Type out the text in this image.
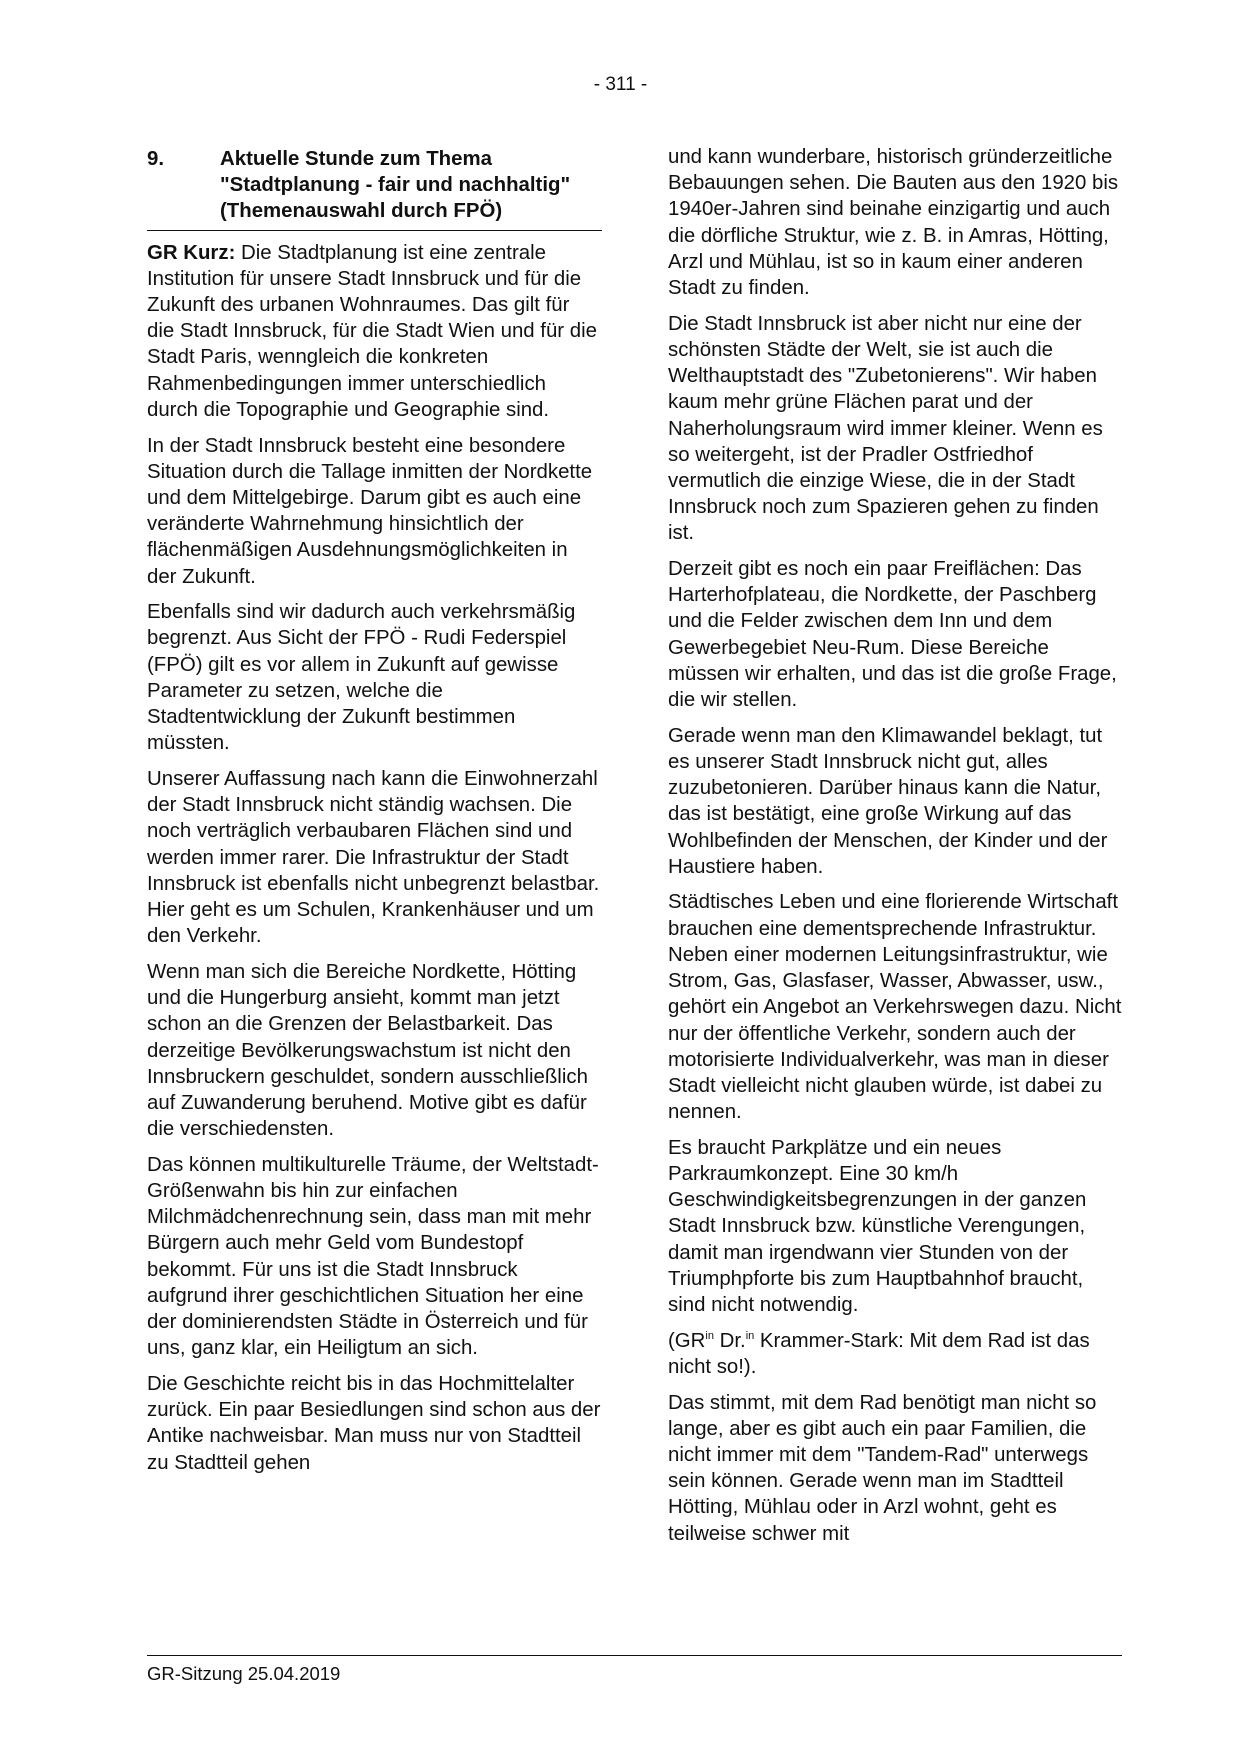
- 311 -
9.	Aktuelle Stunde zum Thema "Stadtplanung - fair und nachhaltig" (Themenauswahl durch FPÖ)

GR Kurz: Die Stadtplanung ist eine zentrale Institution für unsere Stadt Innsbruck und für die Zukunft des urbanen Wohnraumes. Das gilt für die Stadt Innsbruck, für die Stadt Wien und für die Stadt Paris, wenngleich die konkreten Rahmenbedingungen immer unterschiedlich durch die Topographie und Geographie sind.

In der Stadt Innsbruck besteht eine besondere Situation durch die Tallage inmitten der Nordkette und dem Mittelgebirge. Darum gibt es auch eine veränderte Wahrnehmung hinsichtlich der flächenmäßigen Ausdehnungsmöglichkeiten in der Zukunft.

Ebenfalls sind wir dadurch auch verkehrsmäßig begrenzt. Aus Sicht der FPÖ - Rudi Federspiel (FPÖ) gilt es vor allem in Zukunft auf gewisse Parameter zu setzen, welche die Stadtentwicklung der Zukunft bestimmen müssten.

Unserer Auffassung nach kann die Einwohnerzahl der Stadt Innsbruck nicht ständig wachsen. Die noch verträglich verbaubaren Flächen sind und werden immer rarer. Die Infrastruktur der Stadt Innsbruck ist ebenfalls nicht unbegrenzt belastbar. Hier geht es um Schulen, Krankenhäuser und um den Verkehr.

Wenn man sich die Bereiche Nordkette, Hötting und die Hungerburg ansieht, kommt man jetzt schon an die Grenzen der Belastbarkeit. Das derzeitige Bevölkerungswachstum ist nicht den Innsbruckern geschuldet, sondern ausschließlich auf Zuwanderung beruhend. Motive gibt es dafür die verschiedensten.

Das können multikulturelle Träume, der Weltstadt-Größenwahn bis hin zur einfachen Milchmädchenrechnung sein, dass man mit mehr Bürgern auch mehr Geld vom Bundestopf bekommt. Für uns ist die Stadt Innsbruck aufgrund ihrer geschichtlichen Situation her eine der dominierendsten Städte in Österreich und für uns, ganz klar, ein Heiligtum an sich.

Die Geschichte reicht bis in das Hochmittelalter zurück. Ein paar Besiedlungen sind schon aus der Antike nachweisbar. Man muss nur von Stadtteil zu Stadtteil gehen

und kann wunderbare, historisch gründerzeitliche Bebauungen sehen. Die Bauten aus den 1920 bis 1940er-Jahren sind beinahe einzigartig und auch die dörfliche Struktur, wie z. B. in Amras, Hötting, Arzl und Mühlau, ist so in kaum einer anderen Stadt zu finden.

Die Stadt Innsbruck ist aber nicht nur eine der schönsten Städte der Welt, sie ist auch die Welthauptstadt des "Zubetonierens". Wir haben kaum mehr grüne Flächen parat und der Naherholungsraum wird immer kleiner. Wenn es so weitergeht, ist der Pradler Ostfriedhof vermutlich die einzige Wiese, die in der Stadt Innsbruck noch zum Spazieren gehen zu finden ist.

Derzeit gibt es noch ein paar Freiflächen: Das Harterhofplateau, die Nordkette, der Paschberg und die Felder zwischen dem Inn und dem Gewerbegebiet Neu-Rum. Diese Bereiche müssen wir erhalten, und das ist die große Frage, die wir stellen.

Gerade wenn man den Klimawandel beklagt, tut es unserer Stadt Innsbruck nicht gut, alles zuzubetonieren. Darüber hinaus kann die Natur, das ist bestätigt, eine große Wirkung auf das Wohlbefinden der Menschen, der Kinder und der Haustiere haben.

Städtisches Leben und eine florierende Wirtschaft brauchen eine dementsprechende Infrastruktur. Neben einer modernen Leitungsinfrastruktur, wie Strom, Gas, Glasfaser, Wasser, Abwasser, usw., gehört ein Angebot an Verkehrswegen dazu. Nicht nur der öffentliche Verkehr, sondern auch der motorisierte Individualverkehr, was man in dieser Stadt vielleicht nicht glauben würde, ist dabei zu nennen.

Es braucht Parkplätze und ein neues Parkraumkonzept. Eine 30 km/h Geschwindigkeitsbegrenzungen in der ganzen Stadt Innsbruck bzw. künstliche Verengungen, damit man irgendwann vier Stunden von der Triumphpforte bis zum Hauptbahnhof braucht, sind nicht notwendig.

($GR^{in}$ Dr.$^{in}$ Krammer-Stark: Mit dem Rad ist das nicht so!).

Das stimmt, mit dem Rad benötigt man nicht so lange, aber es gibt auch ein paar Familien, die nicht immer mit dem "Tandem-Rad" unterwegs sein können. Gerade wenn man im Stadtteil Hötting, Mühlau oder in Arzl wohnt, geht es teilweise schwer mit

GR-Sitzung 25.04.2019
